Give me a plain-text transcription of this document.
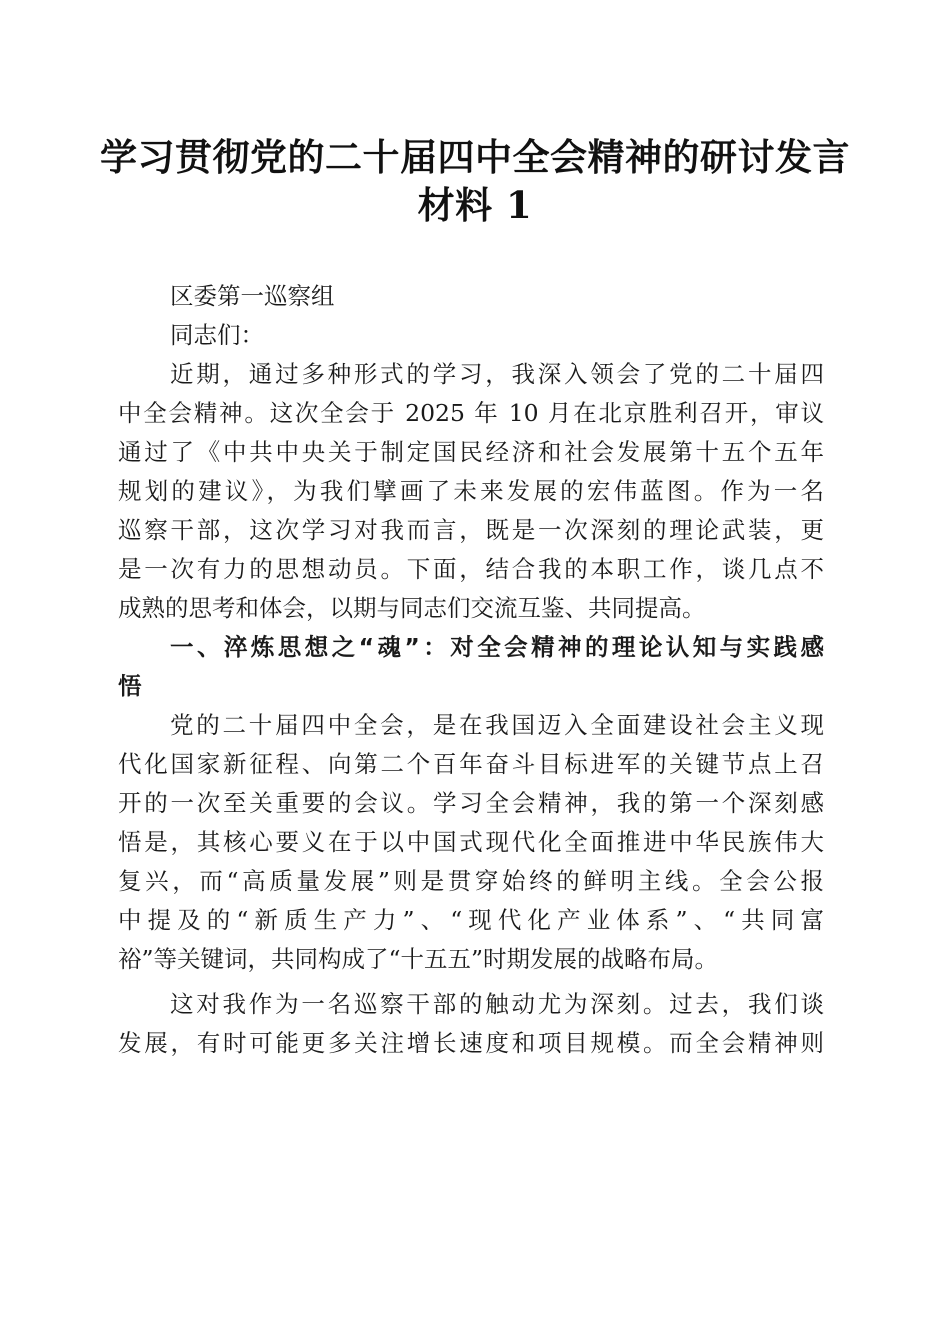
学习贯彻党的二十届四中全会精神的研讨发言
材料 1
区委第一巡察组
同志们：
近期，通过多种形式的学习，我深入领会了党的二十届四
中全会精神。这次全会于 2025 年 10 月在北京胜利召开，审议
通过了《中共中央关于制定国民经济和社会发展第十五个五年
规划的建议》，为我们擘画了未来发展的宏伟蓝图。作为一名
巡察干部，这次学习对我而言，既是一次深刻的理论武装，更
是一次有力的思想动员。下面，结合我的本职工作，谈几点不
成熟的思考和体会，以期与同志们交流互鉴、共同提高。
一、淬炼思想之“魂”：对全会精神的理论认知与实践感
悟
党的二十届四中全会，是在我国迈入全面建设社会主义现
代化国家新征程、向第二个百年奋斗目标进军的关键节点上召
开的一次至关重要的会议。学习全会精神，我的第一个深刻感
悟是，其核心要义在于以中国式现代化全面推进中华民族伟大
复兴，而“高质量发展”则是贯穿始终的鲜明主线。全会公报
中提及的“新质生产力”、“现代化产业体系”、“共同富
裕”等关键词，共同构成了“十五五”时期发展的战略布局。
这对我作为一名巡察干部的触动尤为深刻。过去，我们谈
发展，有时可能更多关注增长速度和项目规模。而全会精神则
